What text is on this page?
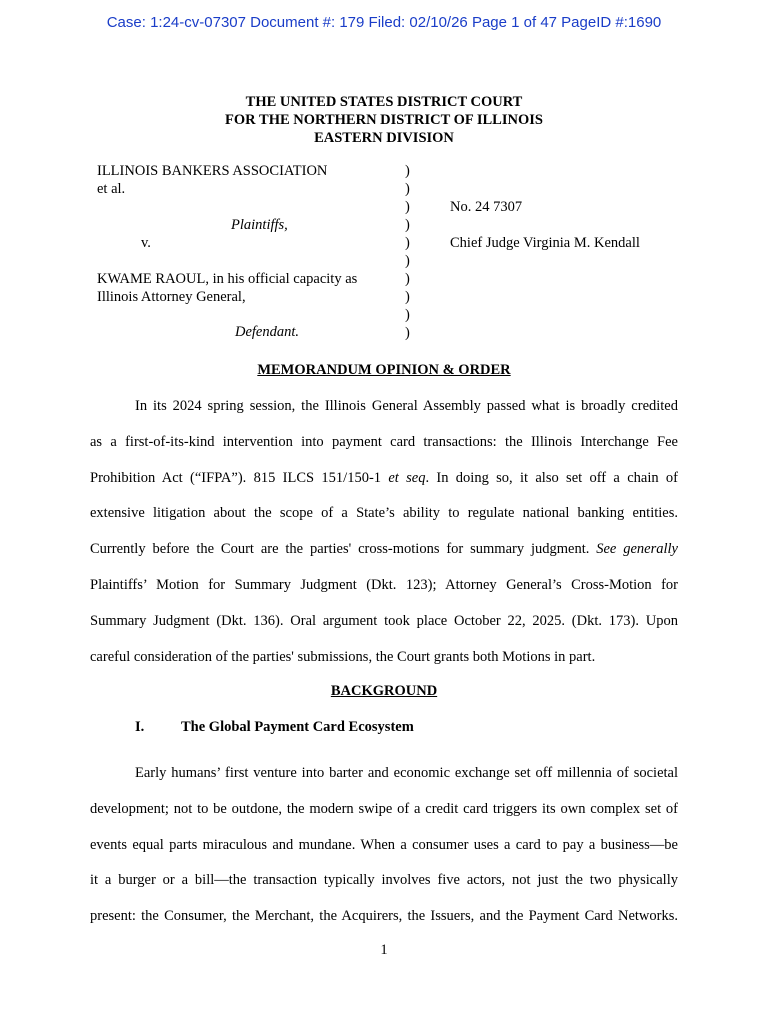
Case: 1:24-cv-07307 Document #: 179 Filed: 02/10/26 Page 1 of 47 PageID #:1690
THE UNITED STATES DISTRICT COURT
FOR THE NORTHERN DISTRICT OF ILLINOIS
EASTERN DIVISION
ILLINOIS BANKERS ASSOCIATION
et al.
Plaintiffs,
v.
KWAME RAOUL, in his official capacity as
Illinois Attorney General,
Defendant.
)
)
)
)
)
)
)
)
)
)
No. 24 7307
Chief Judge Virginia M. Kendall
MEMORANDUM OPINION & ORDER
In its 2024 spring session, the Illinois General Assembly passed what is broadly credited
as a first-of-its-kind intervention into payment card transactions: the Illinois Interchange Fee
Prohibition Act (“IFPA”). 815 ILCS 151/150-1 et seq. In doing so, it also set off a chain of
extensive litigation about the scope of a State’s ability to regulate national banking entities.
Currently before the Court are the parties' cross-motions for summary judgment. See generally
Plaintiffs’ Motion for Summary Judgment (Dkt. 123); Attorney General’s Cross-Motion for
Summary Judgment (Dkt. 136). Oral argument took place October 22, 2025. (Dkt. 173). Upon
careful consideration of the parties' submissions, the Court grants both Motions in part.
BACKGROUND
I.	The Global Payment Card Ecosystem
Early humans’ first venture into barter and economic exchange set off millennia of societal
development; not to be outdone, the modern swipe of a credit card triggers its own complex set of
events equal parts miraculous and mundane. When a consumer uses a card to pay a business—be
it a burger or a bill—the transaction typically involves five actors, not just the two physically
present: the Consumer, the Merchant, the Acquirers, the Issuers, and the Payment Card Networks.
1
